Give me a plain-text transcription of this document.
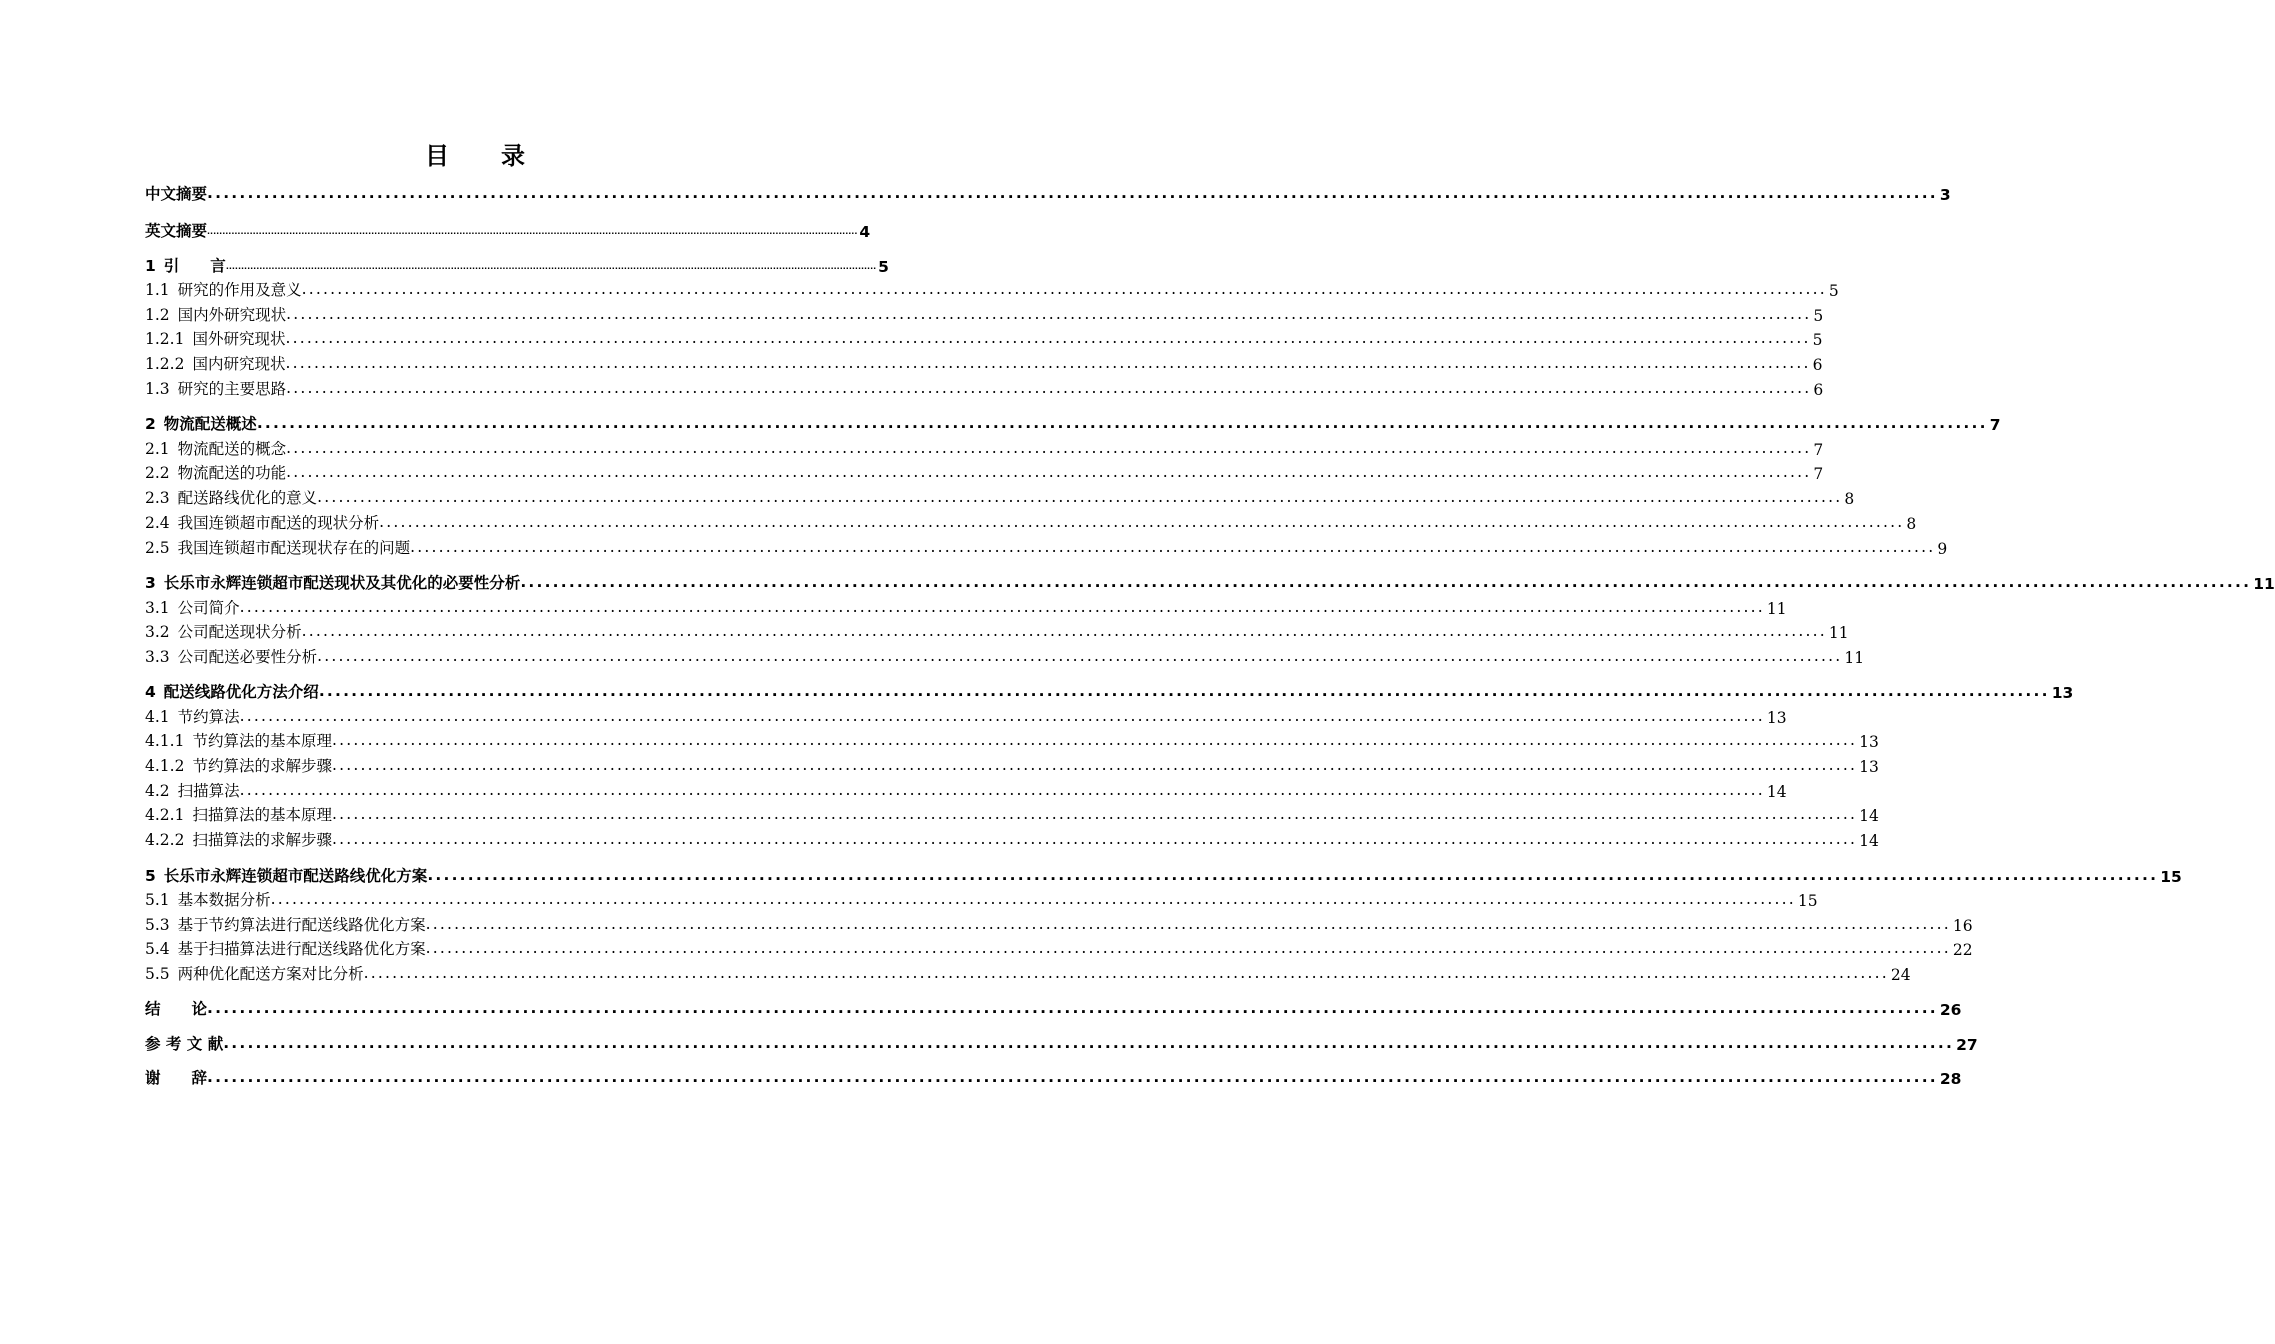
目 录
中文摘要 ...................................................................................................................................................................................................................... 3
英文摘要 ...................................................................................................................................................................................................................... 4
1 引　　言 ...................................................................................................................................................................................................................... 5
1.1 研究的作用及意义 ...................................................................................................................................................................................................................... 5
1.2 国内外研究现状 ...................................................................................................................................................................................................................... 5
1.2.1 国外研究现状 ...................................................................................................................................................................................................................... 5
1.2.2 国内研究现状 ...................................................................................................................................................................................................................... 6
1.3 研究的主要思路 ...................................................................................................................................................................................................................... 6
2 物流配送概述 ...................................................................................................................................................................................................................... 7
2.1 物流配送的概念 ...................................................................................................................................................................................................................... 7
2.2 物流配送的功能 ...................................................................................................................................................................................................................... 7
2.3 配送路线优化的意义 ...................................................................................................................................................................................................................... 8
2.4 我国连锁超市配送的现状分析 ...................................................................................................................................................................................................................... 8
2.5 我国连锁超市配送现状存在的问题 ...................................................................................................................................................................................................................... 9
3 长乐市永辉连锁超市配送现状及其优化的必要性分析 ...................................................................................................................................................................................................................... 11
3.1 公司简介 ...................................................................................................................................................................................................................... 11
3.2 公司配送现状分析 ...................................................................................................................................................................................................................... 11
3.3 公司配送必要性分析 ...................................................................................................................................................................................................................... 11
4 配送线路优化方法介绍 ...................................................................................................................................................................................................................... 13
4.1 节约算法 ...................................................................................................................................................................................................................... 13
4.1.1 节约算法的基本原理 ...................................................................................................................................................................................................................... 13
4.1.2 节约算法的求解步骤 ...................................................................................................................................................................................................................... 13
4.2 扫描算法 ...................................................................................................................................................................................................................... 14
4.2.1 扫描算法的基本原理 ...................................................................................................................................................................................................................... 14
4.2.2 扫描算法的求解步骤 ...................................................................................................................................................................................................................... 14
5 长乐市永辉连锁超市配送路线优化方案 ...................................................................................................................................................................................................................... 15
5.1 基本数据分析 ...................................................................................................................................................................................................................... 15
5.3 基于节约算法进行配送线路优化方案 ...................................................................................................................................................................................................................... 16
5.4 基于扫描算法进行配送线路优化方案 ...................................................................................................................................................................................................................... 22
5.5 两种优化配送方案对比分析 ...................................................................................................................................................................................................................... 24
结　　论 ...................................................................................................................................................................................................................... 26
参 考 文 献 ...................................................................................................................................................................................................................... 27
谢　　辞 ...................................................................................................................................................................................................................... 28
